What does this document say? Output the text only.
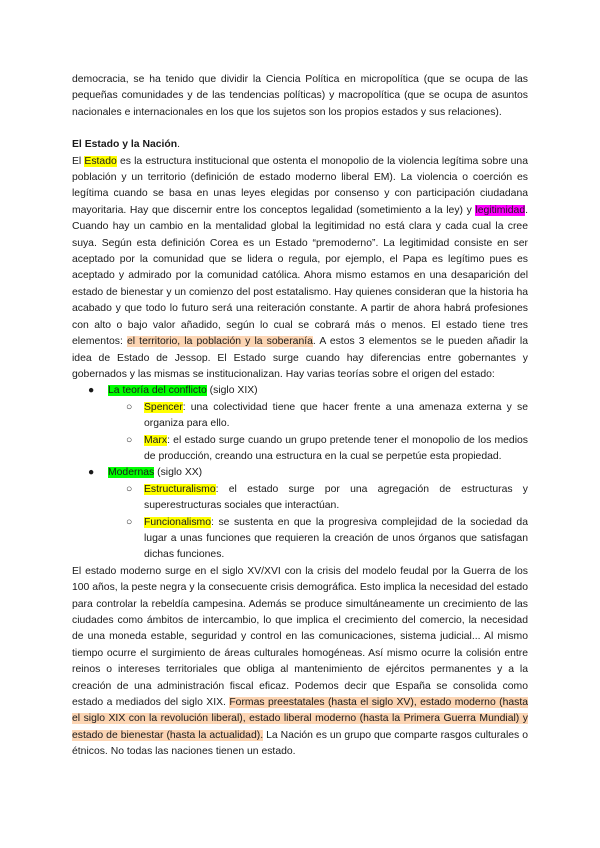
democracia, se ha tenido que dividir la Ciencia Política en micropolítica (que se ocupa de las pequeñas comunidades y de las tendencias políticas) y macropolítica (que se ocupa de asuntos nacionales e internacionales en los que los sujetos son los propios estados y sus relaciones).

El Estado y la Nación.

El Estado es la estructura institucional que ostenta el monopolio de la violencia legítima sobre una población y un territorio (definición de estado moderno liberal EM). La violencia o coerción es legítima cuando se basa en unas leyes elegidas por consenso y con participación ciudadana mayoritaria. Hay que discernir entre los conceptos legalidad (sometimiento a la ley) y legitimidad. Cuando hay un cambio en la mentalidad global la legitimidad no está clara y cada cual la cree suya. Según esta definición Corea es un Estado “premoderno”. La legitimidad consiste en ser aceptado por la comunidad que se lidera o regula, por ejemplo, el Papa es legítimo pues es aceptado y admirado por la comunidad católica. Ahora mismo estamos en una desaparición del estado de bienestar y un comienzo del post estatalismo. Hay quienes consideran que la historia ha acabado y que todo lo futuro será una reiteración constante. A partir de ahora habrá profesiones con alto o bajo valor añadido, según lo cual se cobrará más o menos. El estado tiene tres elementos: el territorio, la población y la soberanía. A estos 3 elementos se le pueden añadir la idea de Estado de Jessop. El Estado surge cuando hay diferencias entre gobernantes y gobernados y las mismas se institucionalizan. Hay varias teorías sobre el origen del estado:

● La teoría del conflicto (siglo XIX)
○ Spencer: una colectividad tiene que hacer frente a una amenaza externa y se organiza para ello.
○ Marx: el estado surge cuando un grupo pretende tener el monopolio de los medios de producción, creando una estructura en la cual se perpetúe esta propiedad.
● Modernas (siglo XX)
○ Estructuralismo: el estado surge por una agregación de estructuras y superestructuras sociales que interactúan.
○ Funcionalismo: se sustenta en que la progresiva complejidad de la sociedad da lugar a unas funciones que requieren la creación de unos órganos que satisfagan dichas funciones.

El estado moderno surge en el siglo XV/XVI con la crisis del modelo feudal por la Guerra de los 100 años, la peste negra y la consecuente crisis demográfica. Esto implica la necesidad del estado para controlar la rebeldía campesina. Además se produce simultáneamente un crecimiento de las ciudades como ámbitos de intercambio, lo que implica el crecimiento del comercio, la necesidad de una moneda estable, seguridad y control en las comunicaciones, sistema judicial... Al mismo tiempo ocurre el surgimiento de áreas culturales homogéneas. Así mismo ocurre la colisión entre reinos o intereses territoriales que obliga al mantenimiento de ejércitos permanentes y a la creación de una administración fiscal eficaz. Podemos decir que España se consolida como estado a mediados del siglo XIX. Formas preestatales (hasta el siglo XV), estado moderno (hasta el siglo XIX con la revolución liberal), estado liberal moderno (hasta la Primera Guerra Mundial) y estado de bienestar (hasta la actualidad). La Nación es un grupo que comparte rasgos culturales o étnicos. No todas las naciones tienen un estado.
